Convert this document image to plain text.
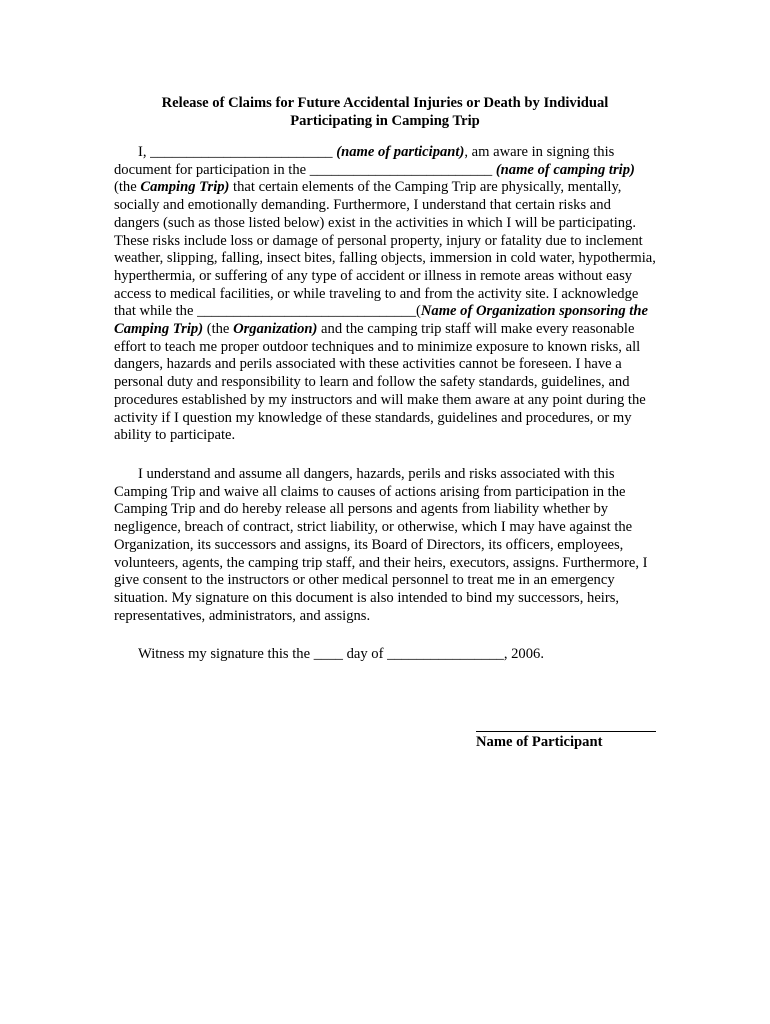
Release of Claims for Future Accidental Injuries or Death by Individual
Participating in Camping Trip

I, _________________________ (name of participant), am aware in signing this document for participation in the _________________________ (name of camping trip) (the Camping Trip) that certain elements of the Camping Trip are physically, mentally, socially and emotionally demanding. Furthermore, I understand that certain risks and dangers (such as those listed below) exist in the activities in which I will be participating. These risks include loss or damage of personal property, injury or fatality due to inclement weather, slipping, falling, insect bites, falling objects, immersion in cold water, hypothermia, hyperthermia, or suffering of any type of accident or illness in remote areas without easy access to medical facilities, or while traveling to and from the activity site. I acknowledge that while the ______________________________(Name of Organization sponsoring the Camping Trip) (the Organization) and the camping trip staff will make every reasonable effort to teach me proper outdoor techniques and to minimize exposure to known risks, all dangers, hazards and perils associated with these activities cannot be foreseen. I have a personal duty and responsibility to learn and follow the safety standards, guidelines, and procedures established by my instructors and will make them aware at any point during the activity if I question my knowledge of these standards, guidelines and procedures, or my ability to participate.

I understand and assume all dangers, hazards, perils and risks associated with this Camping Trip and waive all claims to causes of actions arising from participation in the Camping Trip and do hereby release all persons and agents from liability whether by negligence, breach of contract, strict liability, or otherwise, which I may have against the Organization, its successors and assigns, its Board of Directors, its officers, employees, volunteers, agents, the camping trip staff, and their heirs, executors, assigns. Furthermore, I give consent to the instructors or other medical personnel to treat me in an emergency situation. My signature on this document is also intended to bind my successors, heirs, representatives, administrators, and assigns.

Witness my signature this the ____ day of ________________, 2006.

Name of Participant
